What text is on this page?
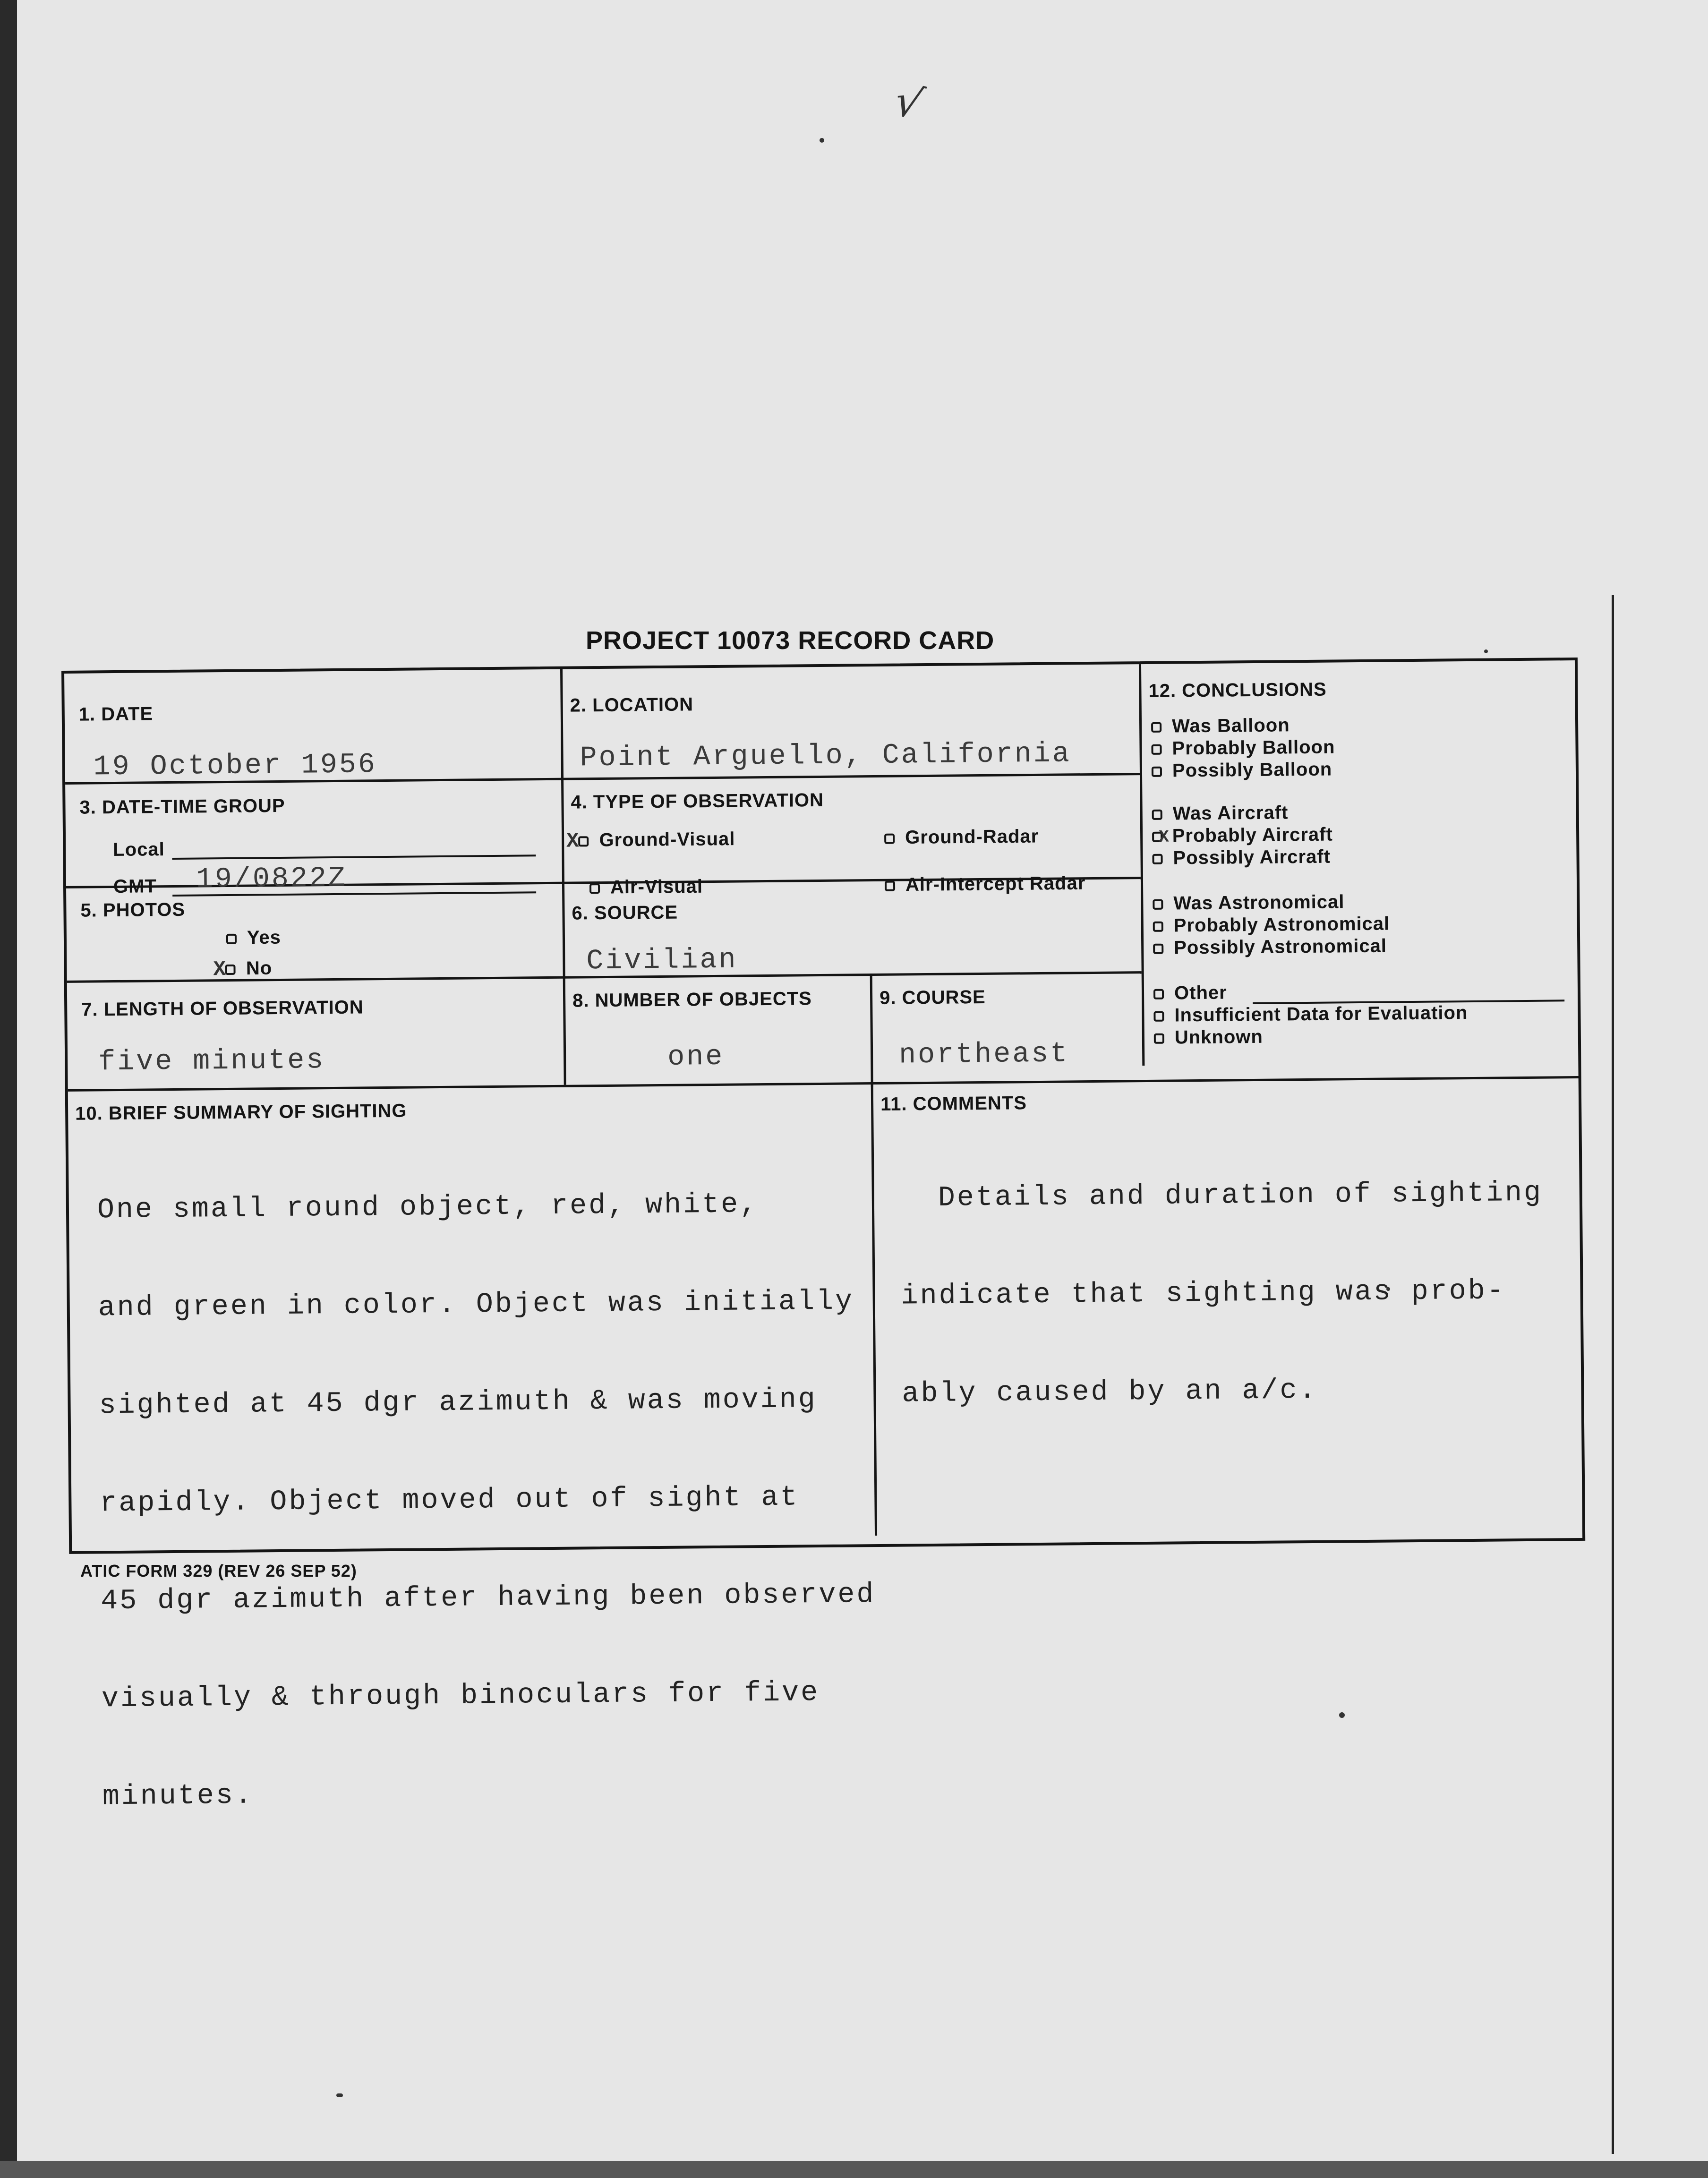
√
PROJECT 10073 RECORD CARD
1. DATE
19 October 1956
2. LOCATION
Point Arguello, California
3. DATE-TIME GROUP
Local
GMT 19/0822Z
4. TYPE OF OBSERVATION
X Ground-Visual	Ground-Radar
Air-Visual	Air-Intercept Radar
5. PHOTOS
Yes
X No
6. SOURCE
Civilian
7. LENGTH OF OBSERVATION
five minutes
8. NUMBER OF OBJECTS
one
9. COURSE
northeast
10. BRIEF SUMMARY OF SIGHTING

One small round object, red, white,

and green in color. Object was initially

sighted at 45 dgr azimuth & was moving

rapidly. Object moved out of sight at

45 dgr azimuth after having been observed

visually & through binoculars for five

minutes.

11. COMMENTS

Details and duration of sighting

indicate that sighting was prob-

ably caused by an a/c.

12. CONCLUSIONS
Was Balloon
Probably Balloon
Possibly Balloon
Was Aircraft
X Probably Aircraft
Possibly Aircraft
Was Astronomical
Probably Astronomical
Possibly Astronomical
Other
Insufficient Data for Evaluation
Unknown
ATIC FORM 329 (REV 26 SEP 52)
